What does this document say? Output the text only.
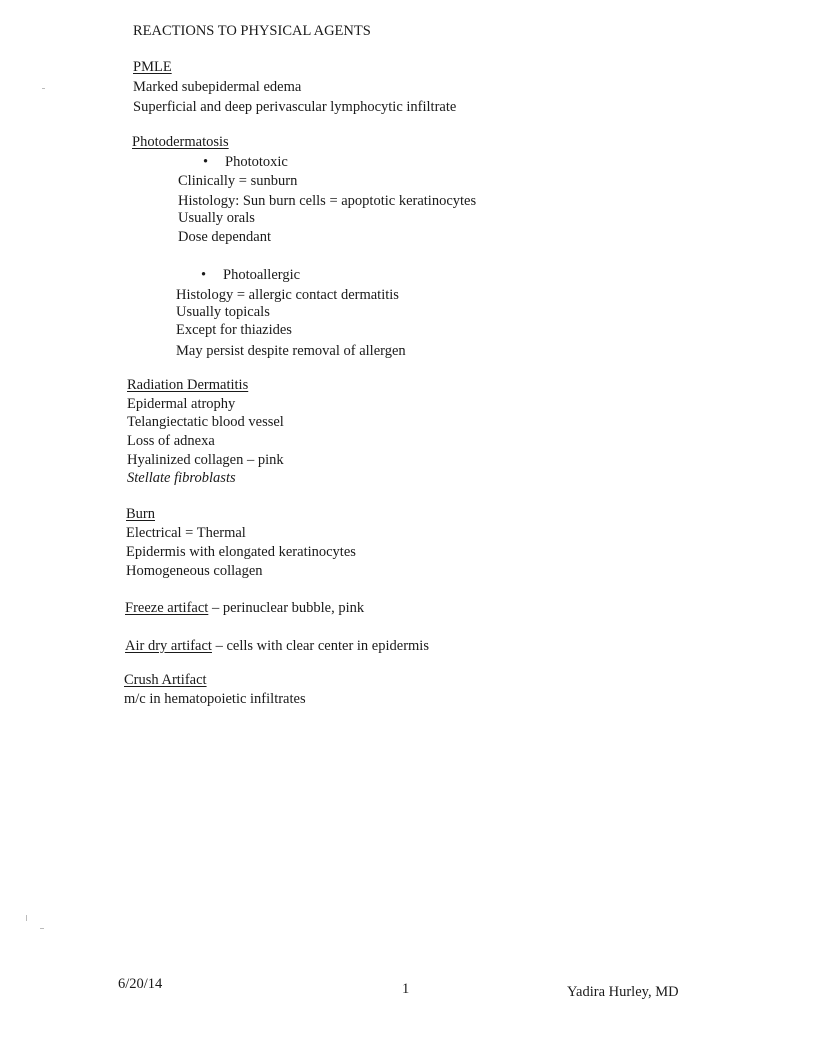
REACTIONS TO PHYSICAL AGENTS
PMLE
Marked subepidermal edema
Superficial and deep perivascular lymphocytic infiltrate
Photodermatosis
• Phototoxic
Clinically = sunburn
Histology: Sun burn cells = apoptotic keratinocytes
Usually orals
Dose dependant
• Photoallergic
Histology = allergic contact dermatitis
Usually topicals
Except for thiazides
May persist despite removal of allergen
Radiation Dermatitis
Epidermal atrophy
Telangiectatic blood vessel
Loss of adnexa
Hyalinized collagen – pink
Stellate fibroblasts
Burn
Electrical = Thermal
Epidermis with elongated keratinocytes
Homogeneous collagen
Freeze artifact – perinuclear bubble, pink
Air dry artifact – cells with clear center in epidermis
Crush Artifact
m/c in hematopoietic infiltrates
6/20/14	1	Yadira Hurley, MD
